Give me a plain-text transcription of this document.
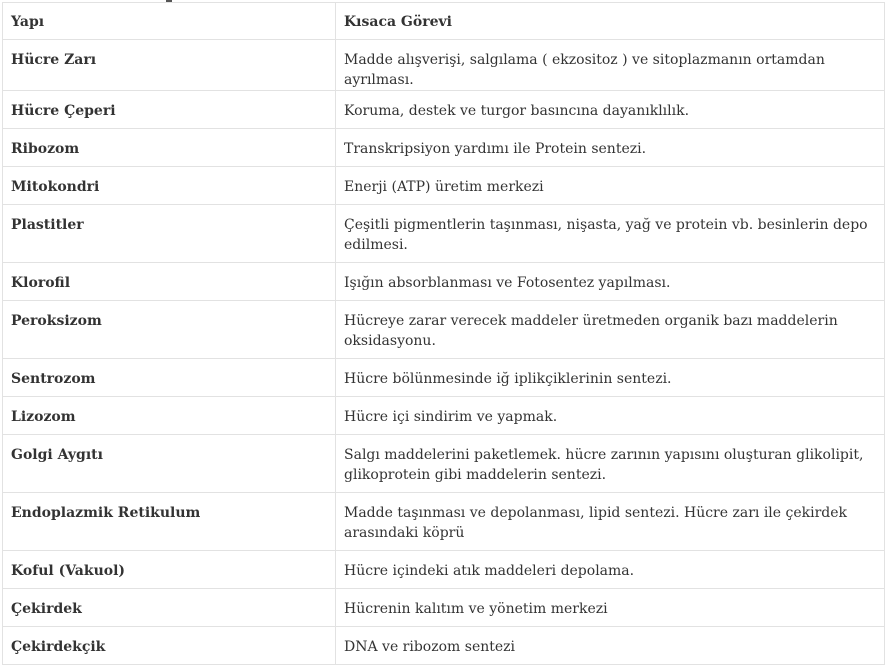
Yapı	Kısaca Görevi
Hücre Zarı	Madde alışverişi, salgılama ( ekzositoz ) ve sitoplazmanın ortamdan ayrılması.
Hücre Çeperi	Koruma, destek ve turgor basıncına dayanıklılık.
Ribozom	Transkripsiyon yardımı ile Protein sentezi.
Mitokondri	Enerji (ATP) üretim merkezi
Plastitler	Çeşitli pigmentlerin taşınması, nişasta, yağ ve protein vb. besinlerin depo edilmesi.
Klorofil	Işığın absorblanması ve Fotosentez yapılması.
Peroksizom	Hücreye zarar verecek maddeler üretmeden organik bazı maddelerin oksidasyonu.
Sentrozom	Hücre bölünmesinde iğ iplikçiklerinin sentezi.
Lizozom	Hücre içi sindirim ve yapmak.
Golgi Aygıtı	Salgı maddelerini paketlemek. hücre zarının yapısını oluşturan glikolipit, glikoprotein gibi maddelerin sentezi.
Endoplazmik Retikulum	Madde taşınması ve depolanması, lipid sentezi. Hücre zarı ile çekirdek arasındaki köprü
Koful (Vakuol)	Hücre içindeki atık maddeleri depolama.
Çekirdek	Hücrenin kalıtım ve yönetim merkezi
Çekirdekçik	DNA ve ribozom sentezi
